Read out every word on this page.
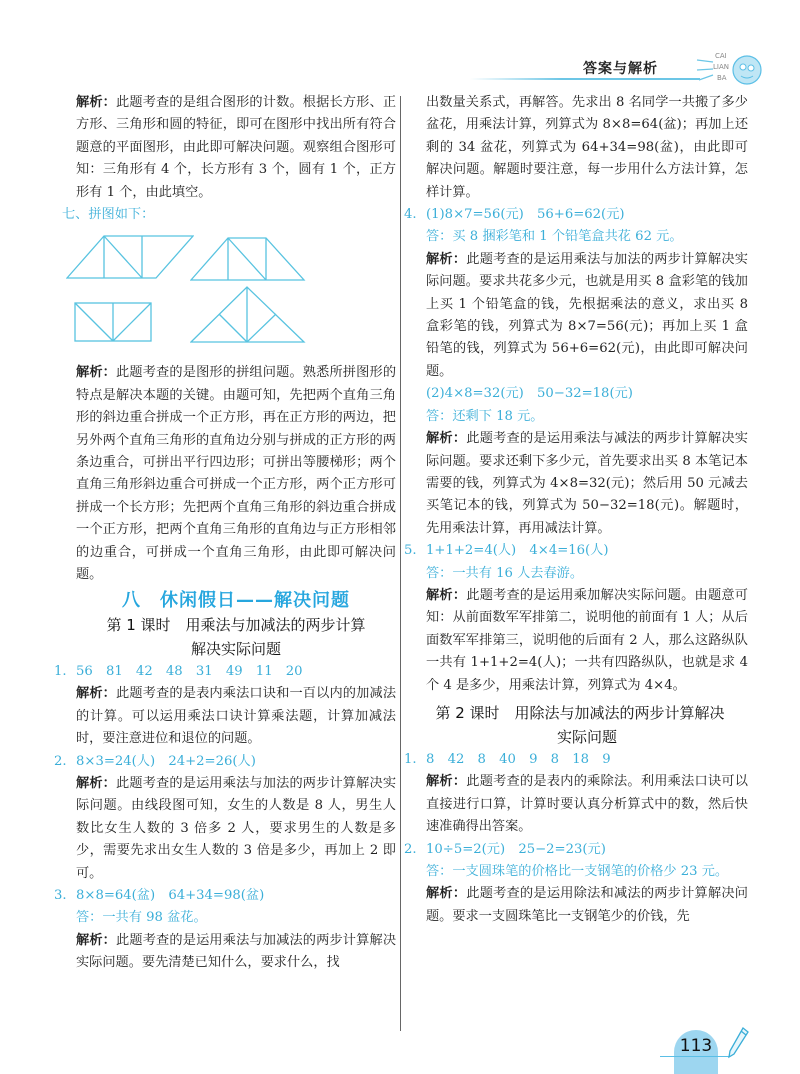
答案与解析
CAI
LIAN
BA

解析：此题考查的是组合图形的计数。根据长方形、正方形、三角形和圆的特征，即可在图形中找出所有符合题意的平面图形，由此即可解决问题。观察组合图形可知：三角形有 4 个，长方形有 3 个，圆有 1 个，正方形有 1 个，由此填空。

七、拼图如下：

解析：此题考查的是图形的拼组问题。熟悉所拼图形的特点是解决本题的关键。由题可知，先把两个直角三角形的斜边重合拼成一个正方形，再在正方形的两边，把另外两个直角三角形的直角边分别与拼成的正方形的两条边重合，可拼出平行四边形；可拼出等腰梯形；两个直角三角形斜边重合可拼成一个正方形，两个正方形可拼成一个长方形；先把两个直角三角形的斜边重合拼成一个正方形，把两个直角三角形的直角边与正方形相邻的边重合，可拼成一个直角三角形，由此即可解决问题。

八　休闲假日——解决问题

第 1 课时　用乘法与加减法的两步计算

解决实际问题

1. 56　81　42　48　31　49　11　20

解析：此题考查的是表内乘法口诀和一百以内的加减法的计算。可以运用乘法口诀计算乘法题，计算加减法时，要注意进位和退位的问题。

2. 8×3=24(人)　24+2=26(人)

解析：此题考查的是运用乘法与加法的两步计算解决实际问题。由线段图可知，女生的人数是 8 人，男生人数比女生人数的 3 倍多 2 人，要求男生的人数是多少，需要先求出女生人数的 3 倍是多少，再加上 2 即可。

3. 8×8=64(盆)　64+34=98(盆)

答：一共有 98 盆花。

解析：此题考查的是运用乘法与加减法的两步计算解决实际问题。要先清楚已知什么，要求什么，找

出数量关系式，再解答。先求出 8 名同学一共搬了多少盆花，用乘法计算，列算式为 8×8=64(盆)；再加上还剩的 34 盆花，列算式为 64+34=98(盆)，由此即可解决问题。解题时要注意，每一步用什么方法计算，怎样计算。

4. (1)8×7=56(元)　56+6=62(元)

答：买 8 捆彩笔和 1 个铅笔盒共花 62 元。

解析：此题考查的是运用乘法与加法的两步计算解决实际问题。要求共花多少元，也就是用买 8 盒彩笔的钱加上买 1 个铅笔盒的钱，先根据乘法的意义，求出买 8 盒彩笔的钱，列算式为 8×7=56(元)；再加上买 1 盒铅笔的钱，列算式为 56+6=62(元)，由此即可解决问题。

(2)4×8=32(元)　50−32=18(元)

答：还剩下 18 元。

解析：此题考查的是运用乘法与减法的两步计算解决实际问题。要求还剩下多少元，首先要求出买 8 本笔记本需要的钱，列算式为 4×8=32(元)；然后用 50 元减去买笔记本的钱，列算式为 50−32=18(元)。解题时，先用乘法计算，再用减法计算。

5. 1+1+2=4(人)　4×4=16(人)

答：一共有 16 人去春游。

解析：此题考查的是运用乘加解决实际问题。由题意可知：从前面数军军排第二，说明他的前面有 1 人；从后面数军军排第三，说明他的后面有 2 人，那么这路纵队一共有 1+1+2=4(人)；一共有四路纵队，也就是求 4 个 4 是多少，用乘法计算，列算式为 4×4。

第 2 课时　用除法与加减法的两步计算解决

实际问题

1. 8　42　8　40　9　8　18　9

解析：此题考查的是表内的乘除法。利用乘法口诀可以直接进行口算，计算时要认真分析算式中的数，然后快速准确得出答案。

2. 10÷5=2(元)　25−2=23(元)

答：一支圆珠笔的价格比一支钢笔的价格少 23 元。

解析：此题考查的是运用除法和减法的两步计算解决问题。要求一支圆珠笔比一支钢笔少的价钱，先

113
